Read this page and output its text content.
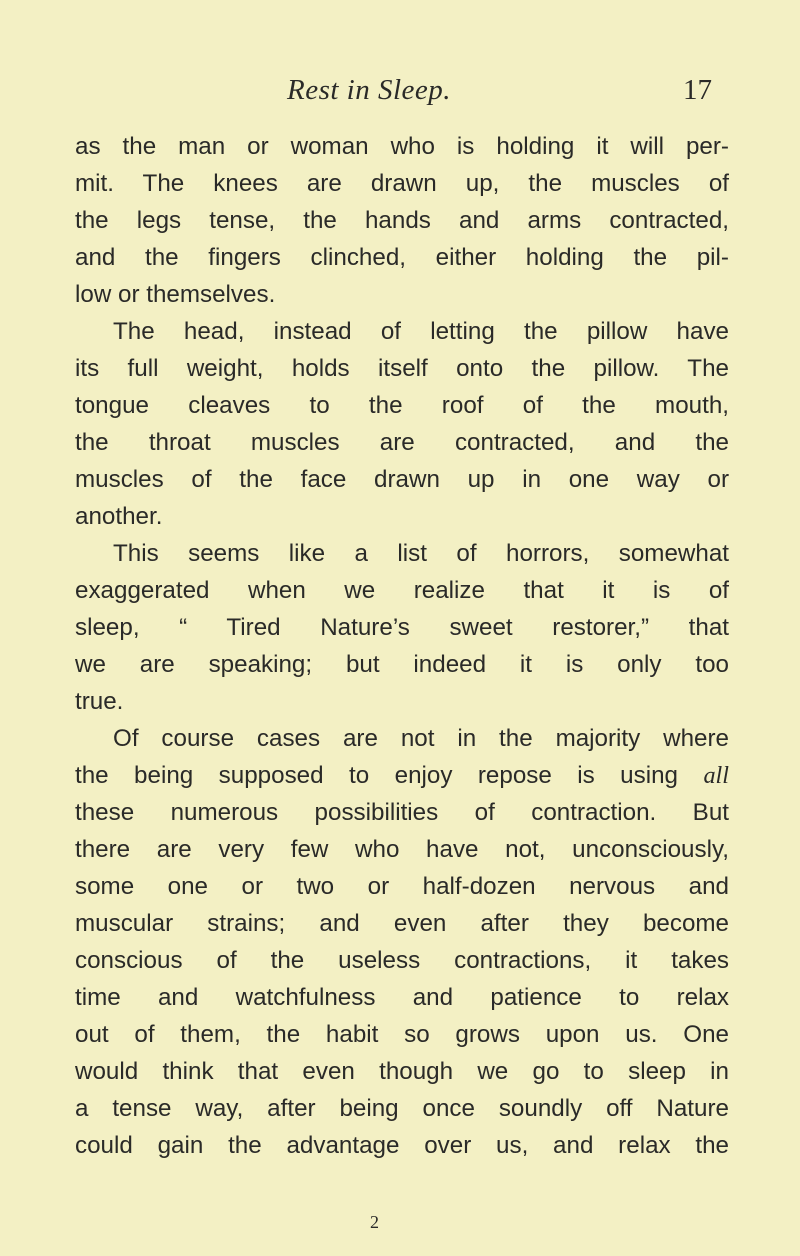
Rest in Sleep.	17
as the man or woman who is holding it will per-
mit. The knees are drawn up, the muscles of
the legs tense, the hands and arms contracted,
and the fingers clinched, either holding the pil-
low or themselves.
The head, instead of letting the pillow have
its full weight, holds itself onto the pillow. The
tongue cleaves to the roof of the mouth,
the throat muscles are contracted, and the
muscles of the face drawn up in one way or
another.
This seems like a list of horrors, somewhat
exaggerated when we realize that it is of
sleep, “ Tired Nature’s sweet restorer,” that
we are speaking; but indeed it is only too
true.
Of course cases are not in the majority where
the being supposed to enjoy repose is using all
these numerous possibilities of contraction. But
there are very few who have not, unconsciously,
some one or two or half-dozen nervous and
muscular strains; and even after they become
conscious of the useless contractions, it takes
time and watchfulness and patience to relax
out of them, the habit so grows upon us. One
would think that even though we go to sleep in
a tense way, after being once soundly off Nature
could gain the advantage over us, and relax the
2
